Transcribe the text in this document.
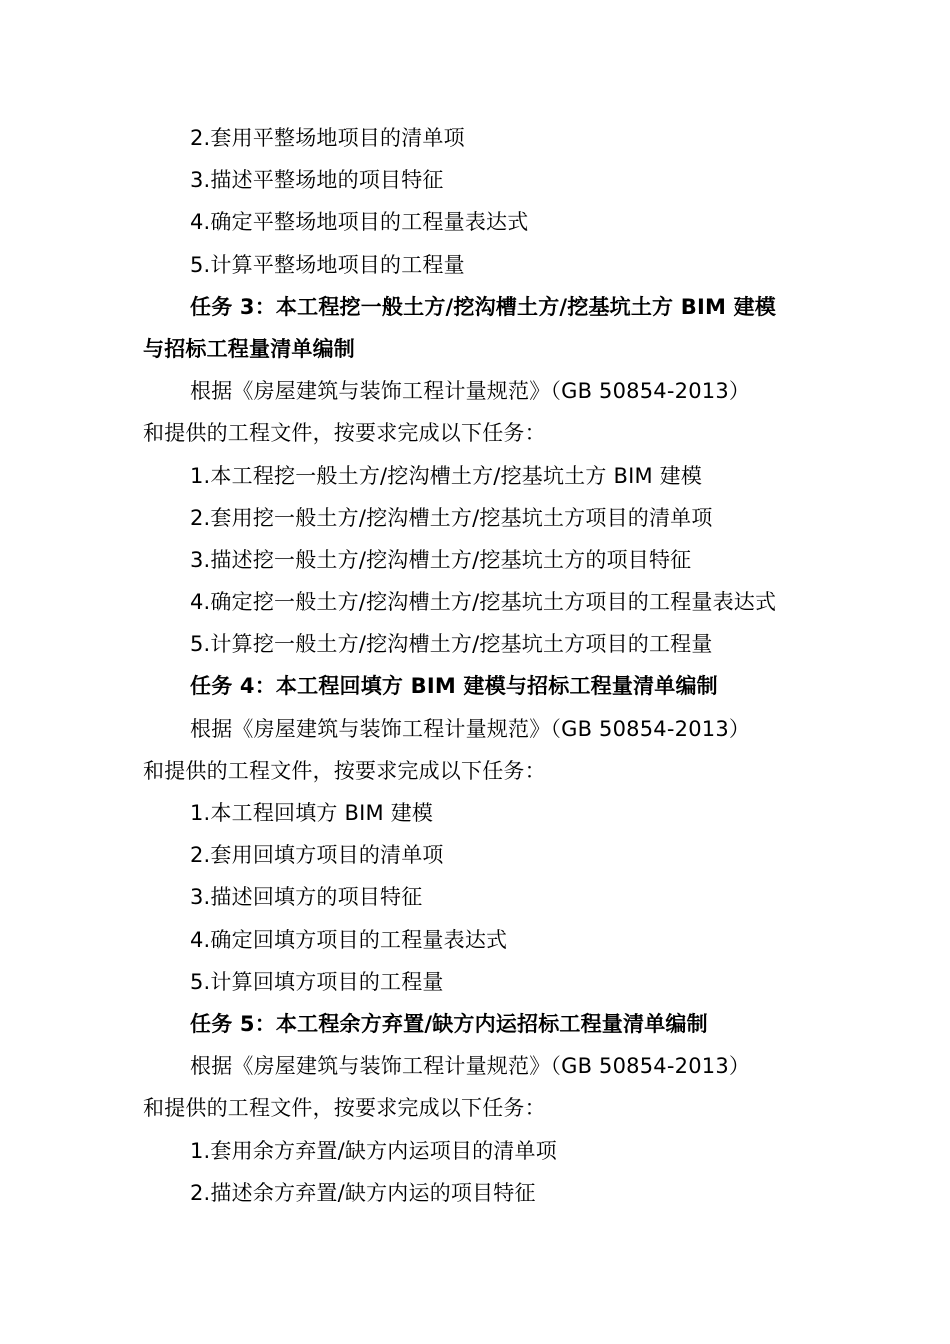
2.套用平整场地项目的清单项
3.描述平整场地的项目特征
4.确定平整场地项目的工程量表达式
5.计算平整场地项目的工程量
任务 3：本工程挖一般土方/挖沟槽土方/挖基坑土方 BIM 建模
与招标工程量清单编制
根据《房屋建筑与装饰工程计量规范》（GB 50854-2013）
和提供的工程文件，按要求完成以下任务：
1.本工程挖一般土方/挖沟槽土方/挖基坑土方 BIM 建模
2.套用挖一般土方/挖沟槽土方/挖基坑土方项目的清单项
3.描述挖一般土方/挖沟槽土方/挖基坑土方的项目特征
4.确定挖一般土方/挖沟槽土方/挖基坑土方项目的工程量表达式
5.计算挖一般土方/挖沟槽土方/挖基坑土方项目的工程量
任务 4：本工程回填方 BIM 建模与招标工程量清单编制
根据《房屋建筑与装饰工程计量规范》（GB 50854-2013）
和提供的工程文件，按要求完成以下任务：
1.本工程回填方 BIM 建模
2.套用回填方项目的清单项
3.描述回填方的项目特征
4.确定回填方项目的工程量表达式
5.计算回填方项目的工程量
任务 5：本工程余方弃置/缺方内运招标工程量清单编制
根据《房屋建筑与装饰工程计量规范》（GB 50854-2013）
和提供的工程文件，按要求完成以下任务：
1.套用余方弃置/缺方内运项目的清单项
2.描述余方弃置/缺方内运的项目特征
